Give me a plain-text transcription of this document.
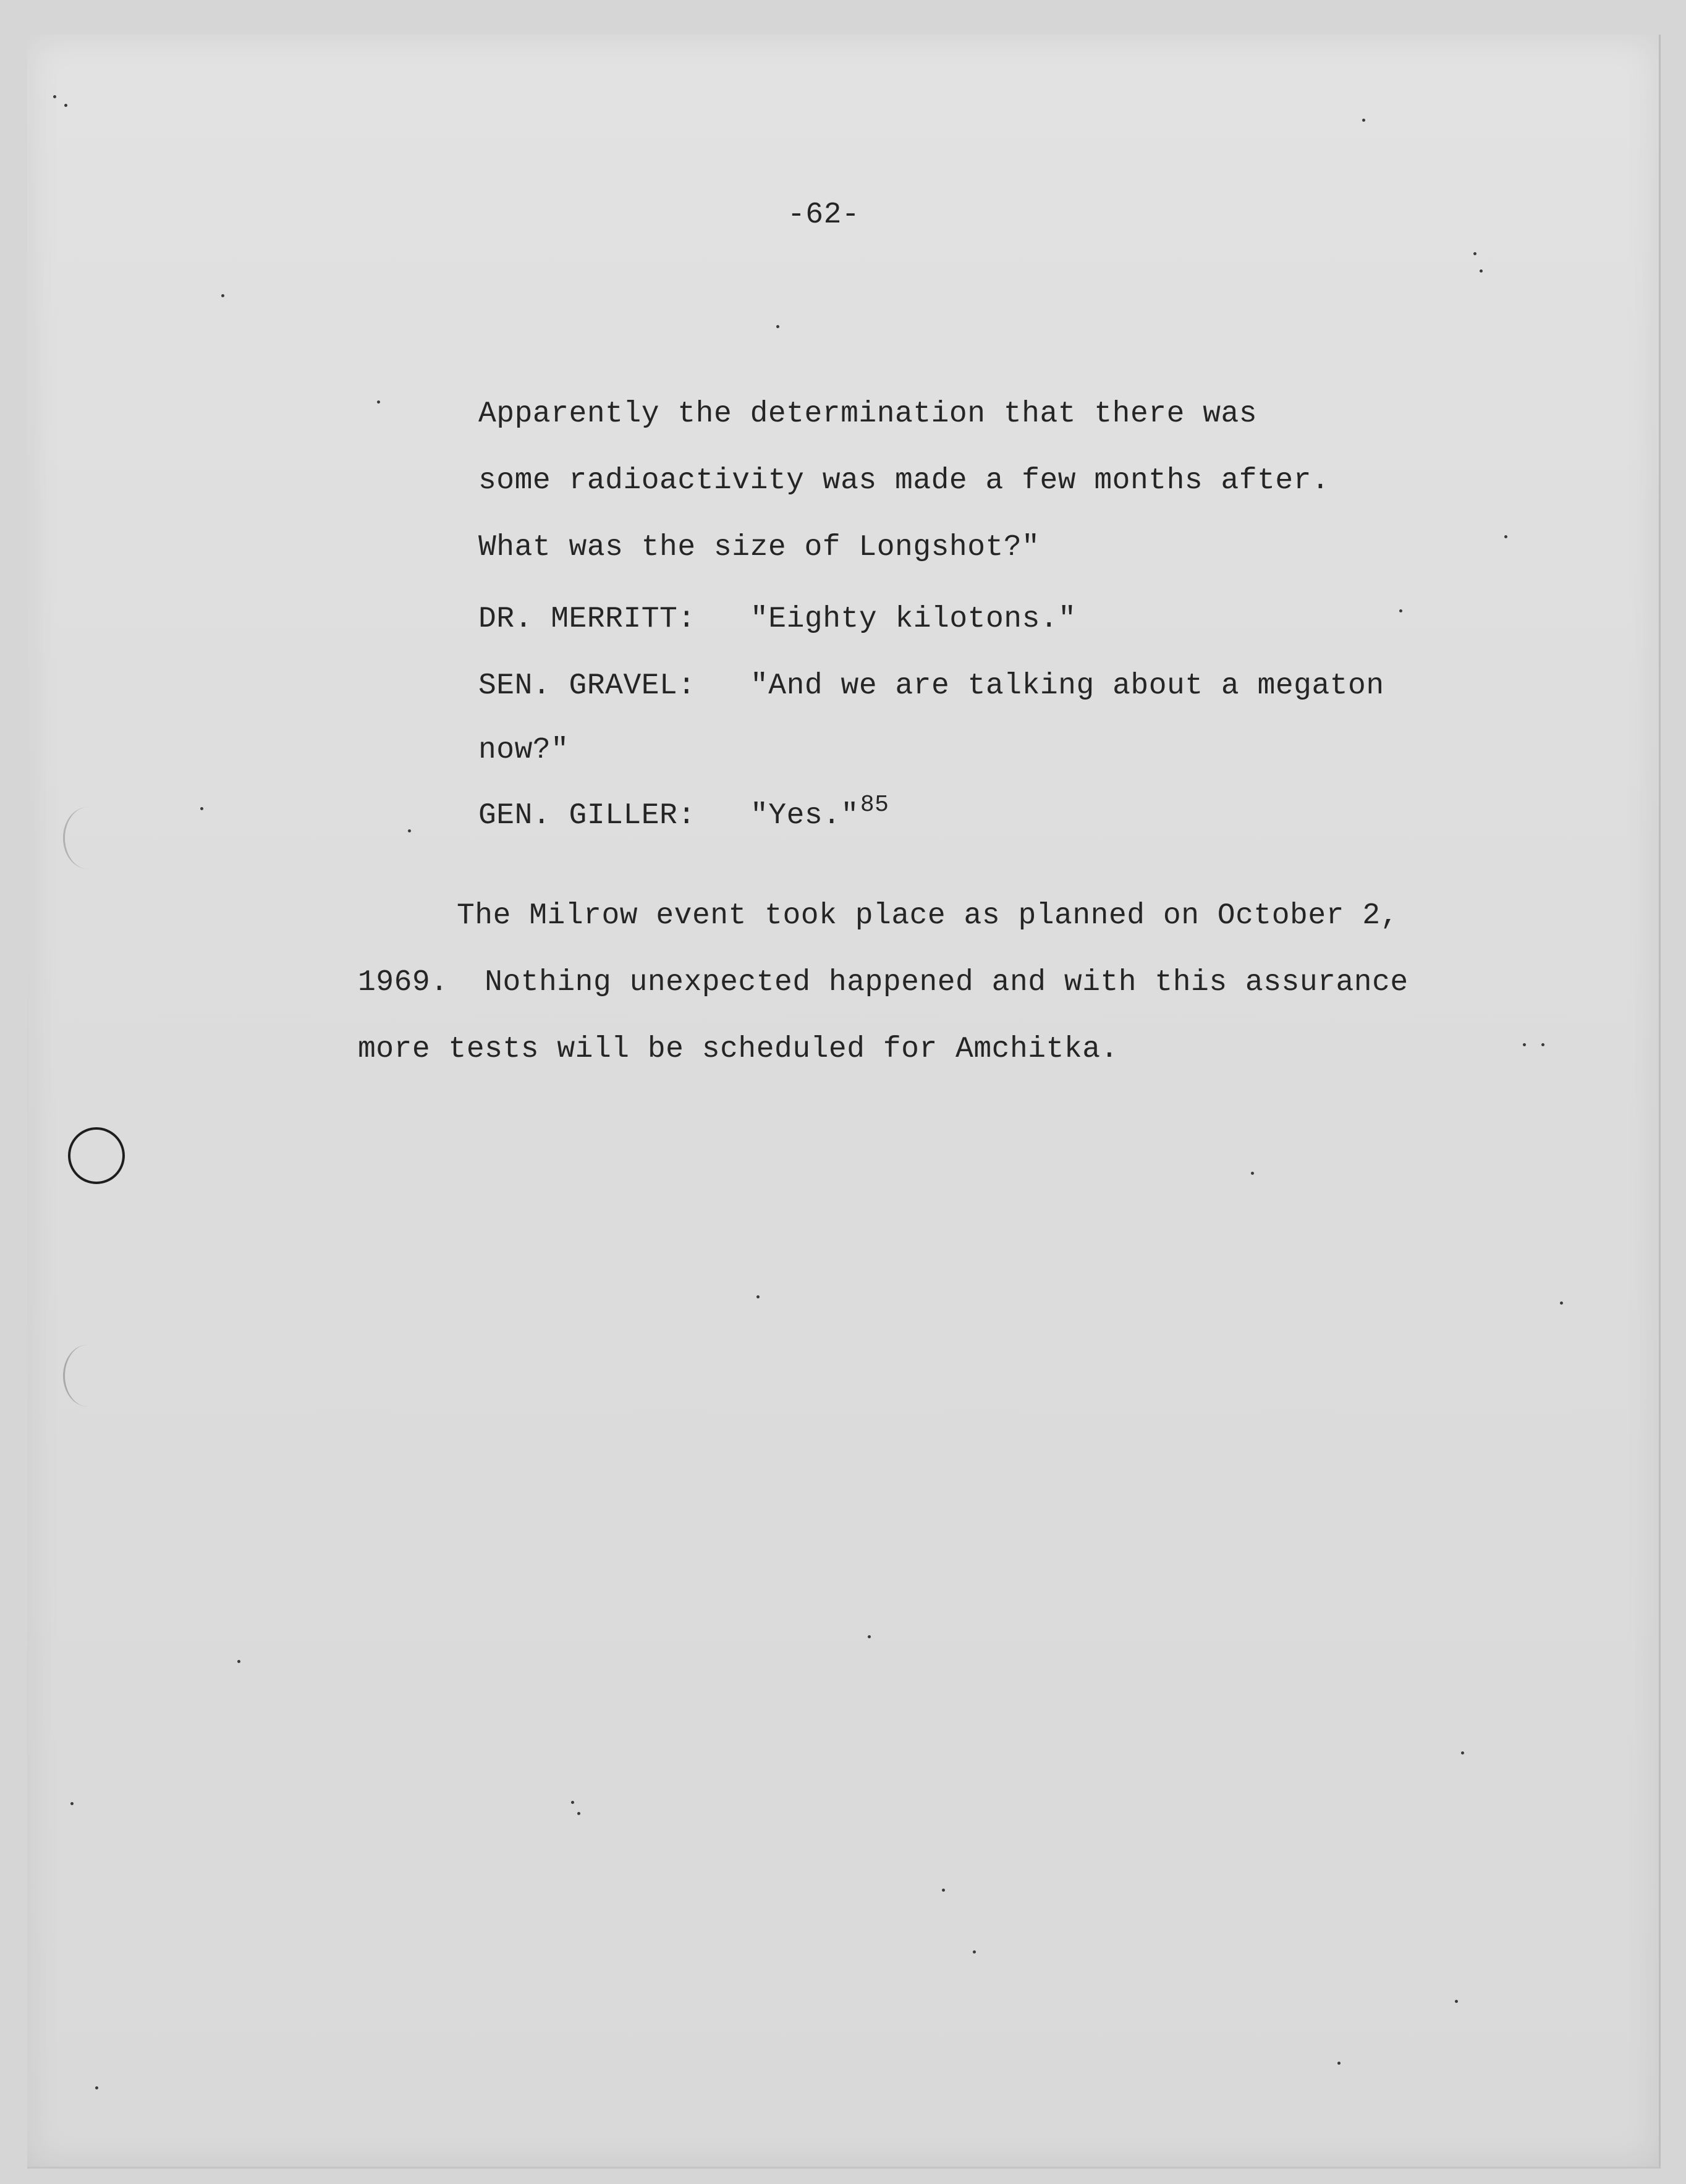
-62-

Apparently the determination that there was

some radioactivity was made a few months after.

What was the size of Longshot?"

DR. MERRITT: "Eighty kilotons."

SEN. GRAVEL: "And we are talking about a megaton

now?"

GEN. GILLER: "Yes."$^{85}$

The Milrow event took place as planned on October 2,

1969.  Nothing unexpected happened and with this assurance

more tests will be scheduled for Amchitka.
